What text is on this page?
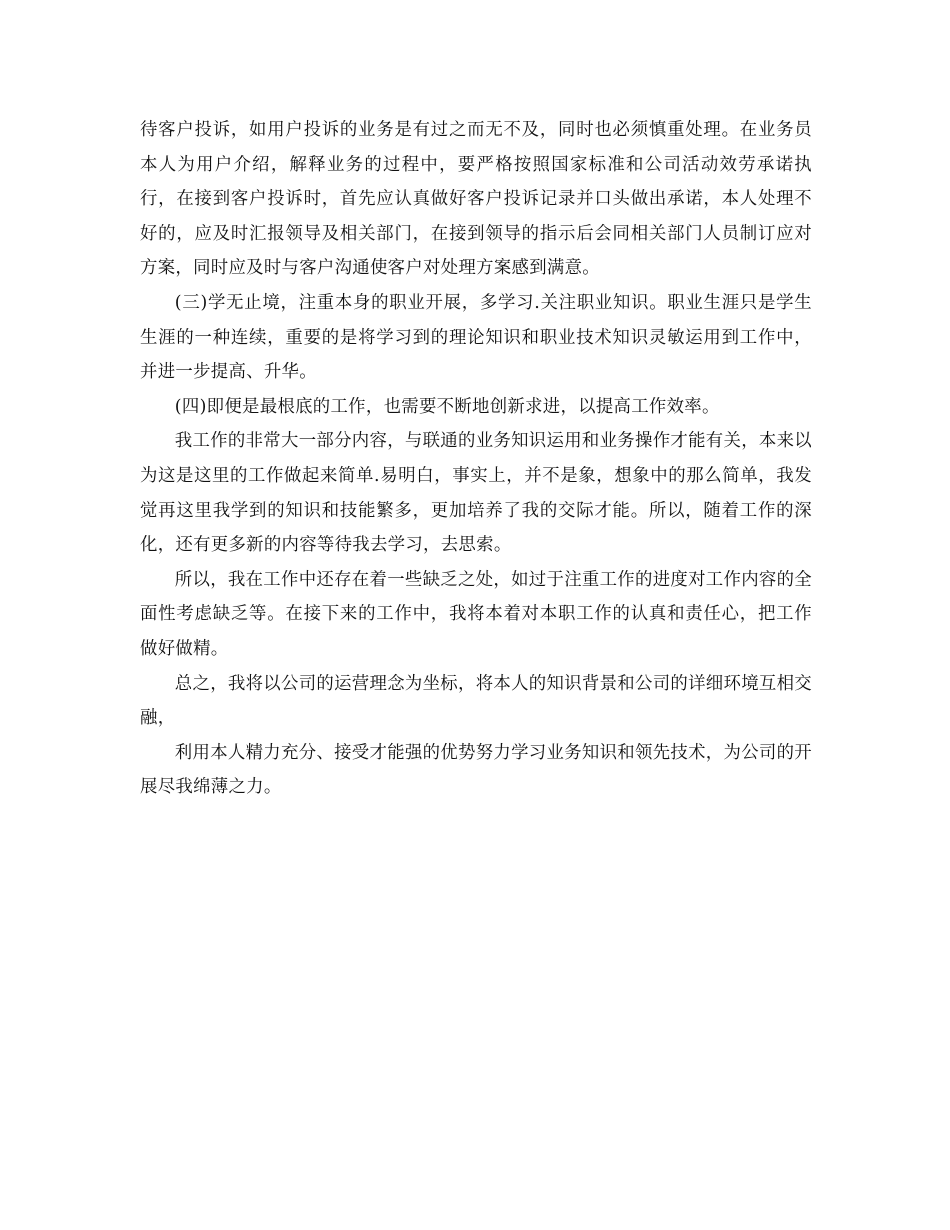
待客户投诉，如用户投诉的业务是有过之而无不及，同时也必须慎重处理。在业务员本人为用户介绍，解释业务的过程中，要严格按照国家标准和公司活动效劳承诺执行，在接到客户投诉时，首先应认真做好客户投诉记录并口头做出承诺，本人处理不好的，应及时汇报领导及相关部门，在接到领导的指示后会同相关部门人员制订应对方案，同时应及时与客户沟通使客户对处理方案感到满意。

(三)学无止境，注重本身的职业开展，多学习.关注职业知识。职业生涯只是学生生涯的一种连续，重要的是将学习到的理论知识和职业技术知识灵敏运用到工作中，并进一步提高、升华。

(四)即便是最根底的工作，也需要不断地创新求进，以提高工作效率。

我工作的非常大一部分内容，与联通的业务知识运用和业务操作才能有关，本来以为这是这里的工作做起来简单.易明白，事实上，并不是象，想象中的那么简单，我发觉再这里我学到的知识和技能繁多，更加培养了我的交际才能。所以，随着工作的深化，还有更多新的内容等待我去学习，去思索。

所以，我在工作中还存在着一些缺乏之处，如过于注重工作的进度对工作内容的全面性考虑缺乏等。在接下来的工作中，我将本着对本职工作的认真和责任心，把工作做好做精。

总之，我将以公司的运营理念为坐标，将本人的知识背景和公司的详细环境互相交融，

利用本人精力充分、接受才能强的优势努力学习业务知识和领先技术，为公司的开展尽我绵薄之力。
